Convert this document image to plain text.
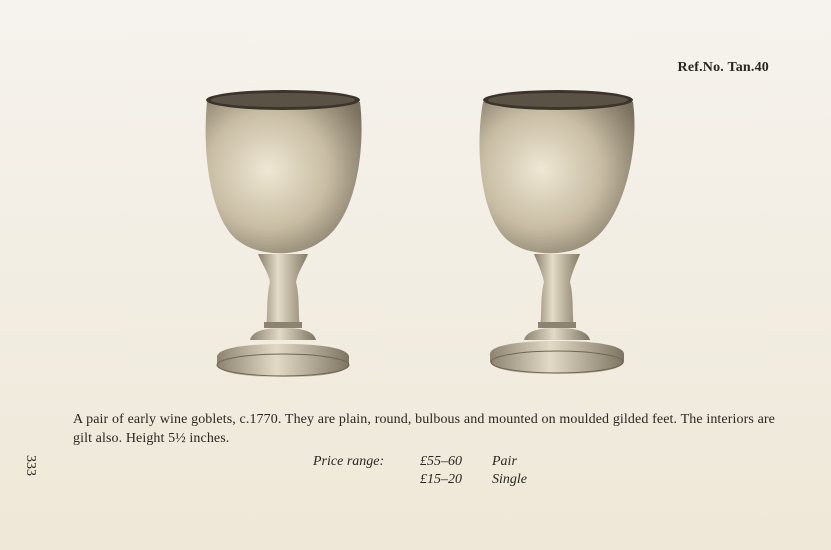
Ref.No. Tan.40
A pair of early wine goblets, c.1770. They are plain, round, bulbous and mounted on moulded gilded feet. The interiors are gilt also. Height 5½ inches.
Price range:	£55–60 Pair
£15–20 Single
333
